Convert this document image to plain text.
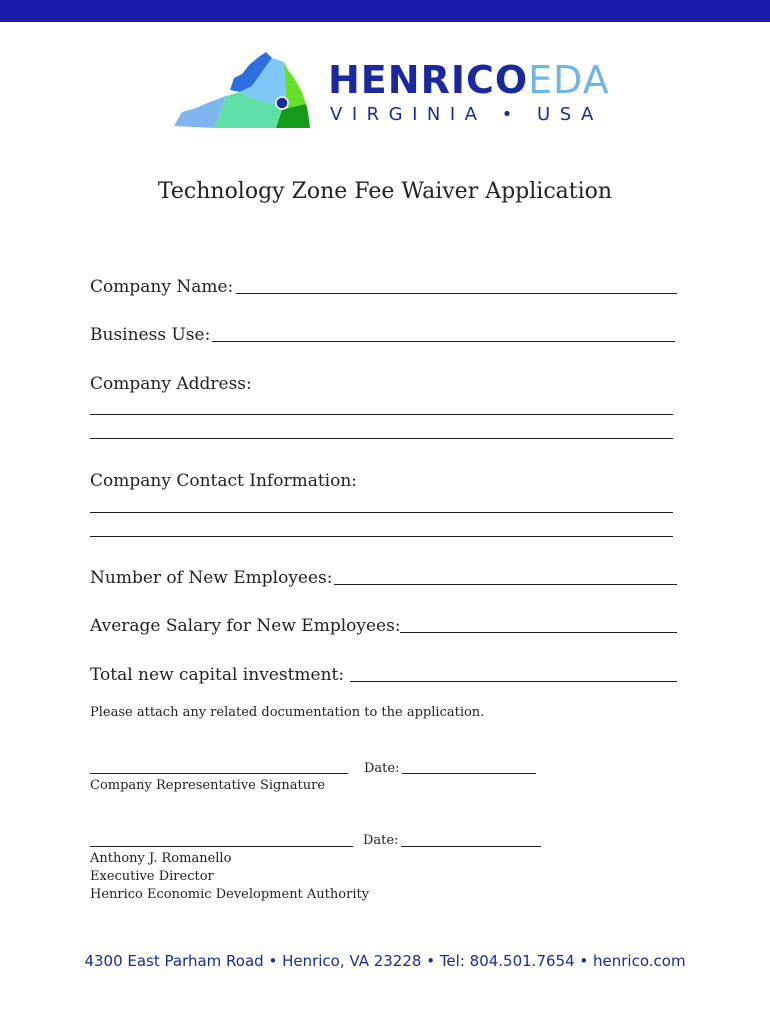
HENRICOEDA
VIRGINIA • USA
Technology Zone Fee Waiver Application
Company Name:
Business Use:
Company Address:
Company Contact Information:
Number of New Employees:
Average Salary for New Employees:
Total new capital investment:
Please attach any related documentation to the application.
Date:
Company Representative Signature
Date:
Anthony J. Romanello
Executive Director
Henrico Economic Development Authority
4300 East Parham Road • Henrico, VA 23228 • Tel: 804.501.7654 • henrico.com
